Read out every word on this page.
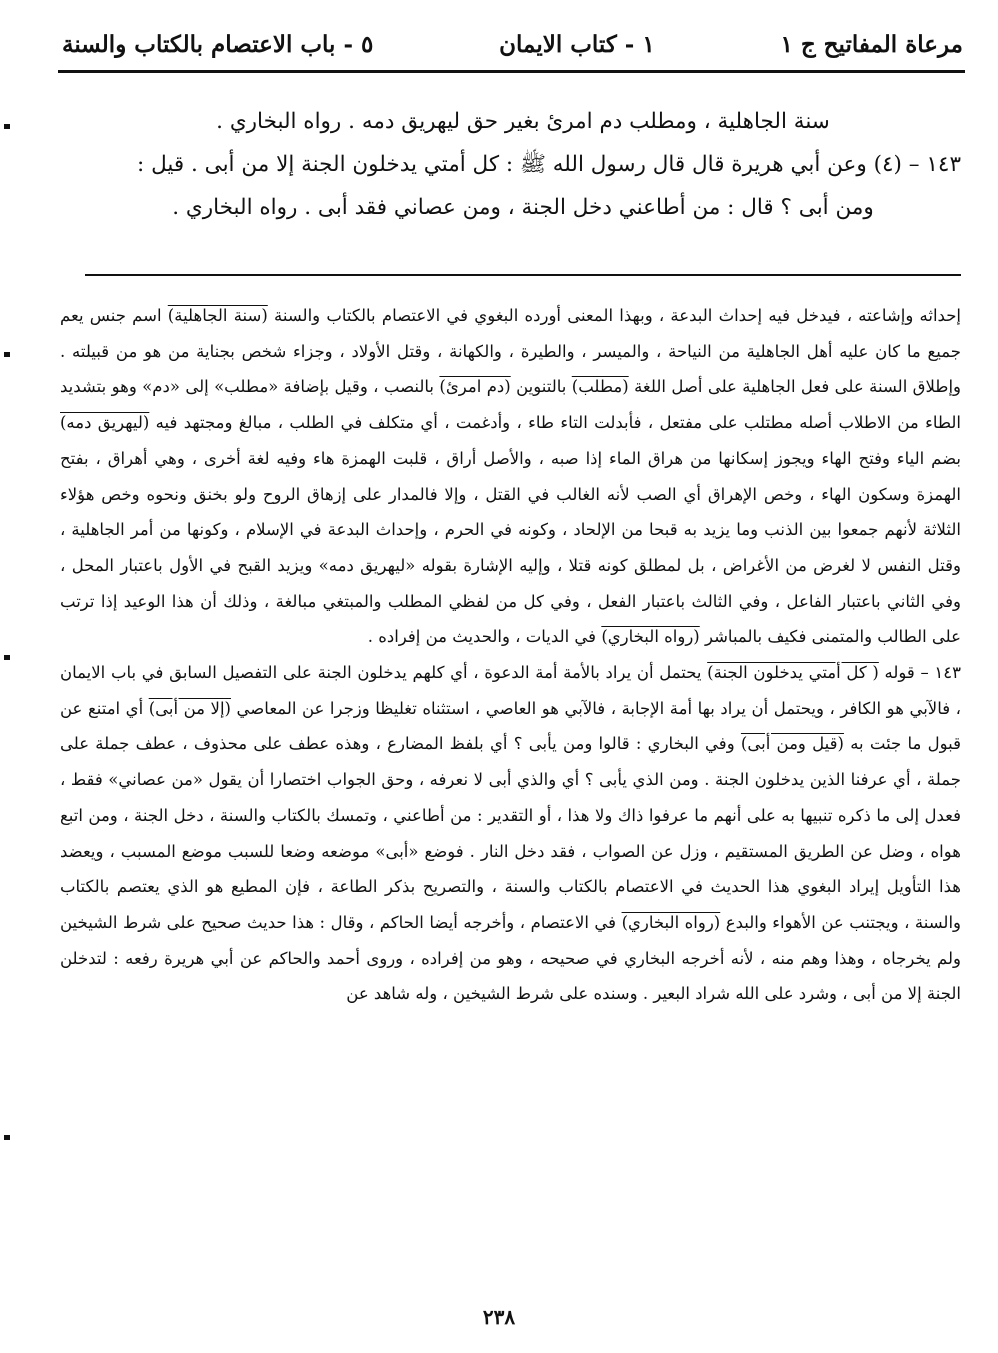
مرعاة المفاتيح ج ١
١ - كتاب الايمان
٥ - باب الاعتصام بالكتاب والسنة

سنة الجاهلية ، ومطلب دم امرئ بغير حق ليهريق دمه . رواه البخاري .

١٤٣ – (٤) وعن أبي هريرة قال قال رسول الله ﷺ : كل أمتي يدخلون الجنة إلا من أبى . قيل :

ومن أبى ؟ قال : من أطاعني دخل الجنة ، ومن عصاني فقد أبى . رواه البخاري .

إحداثه وإشاعته ، فيدخل فيه إحداث البدعة ، وبهذا المعنى أورده البغوي في الاعتصام بالكتاب والسنة (سنة الجاهلية) اسم جنس يعم جميع ما كان عليه أهل الجاهلية من النياحة ، والميسر ، والطيرة ، والكهانة ، وقتل الأولاد ، وجزاء شخص بجناية من هو من قبيلته . وإطلاق السنة على فعل الجاهلية على أصل اللغة (مطلب) بالتنوين (دم امرئ) بالنصب ، وقيل بإضافة «مطلب» إلى «دم» وهو بتشديد الطاء من الاطلاب أصله مطتلب على مفتعل ، فأبدلت التاء طاء ، وأدغمت ، أي متكلف في الطلب ، مبالغ ومجتهد فيه (ليهريق دمه) بضم الياء وفتح الهاء ويجوز إسكانها من هراق الماء إذا صبه ، والأصل أراق ، قلبت الهمزة هاء وفيه لغة أخرى ، وهي أهراق ، بفتح الهمزة وسكون الهاء ، وخص الإهراق أي الصب لأنه الغالب في القتل ، وإلا فالمدار على إزهاق الروح ولو بخنق ونحوه وخص هؤلاء الثلاثة لأنهم جمعوا بين الذنب وما يزيد به قبحا من الإلحاد ، وكونه في الحرم ، وإحداث البدعة في الإسلام ، وكونها من أمر الجاهلية ، وقتل النفس لا لغرض من الأغراض ، بل لمطلق كونه قتلا ، وإليه الإشارة بقوله «ليهريق دمه» ويزيد القبح في الأول باعتبار المحل ، وفي الثاني باعتبار الفاعل ، وفي الثالث باعتبار الفعل ، وفي كل من لفظي المطلب والمبتغي مبالغة ، وذلك أن هذا الوعيد إذا ترتب على الطالب والمتمنى فكيف بالمباشر (رواه البخاري) في الديات ، والحديث من إفراده .

١٤٣ – قوله ( كل أمتي يدخلون الجنة) يحتمل أن يراد بالأمة أمة الدعوة ، أي كلهم يدخلون الجنة على التفصيل السابق في باب الايمان ، فالآبي هو الكافر ، ويحتمل أن يراد بها أمة الإجابة ، فالآبي هو العاصي ، استثناه تغليظا وزجرا عن المعاصي (إلا من أبى) أي امتنع عن قبول ما جئت به (قيل ومن أبى) وفي البخاري : قالوا ومن يأبى ؟ أي بلفظ المضارع ، وهذه عطف على محذوف ، عطف جملة على جملة ، أي عرفنا الذين يدخلون الجنة . ومن الذي يأبى ؟ أي والذي أبى لا نعرفه ، وحق الجواب اختصارا أن يقول «من عصاني» فقط ، فعدل إلى ما ذكره تنبيها به على أنهم ما عرفوا ذاك ولا هذا ، أو التقدير : من أطاعني ، وتمسك بالكتاب والسنة ، دخل الجنة ، ومن اتبع هواه ، وضل عن الطريق المستقيم ، وزل عن الصواب ، فقد دخل النار . فوضع «أبى» موضعه وضعا للسبب موضع المسبب ، ويعضد هذا التأويل إيراد البغوي هذا الحديث في الاعتصام بالكتاب والسنة ، والتصريح بذكر الطاعة ، فإن المطيع هو الذي يعتصم بالكتاب والسنة ، ويجتنب عن الأهواء والبدع (رواه البخاري) في الاعتصام ، وأخرجه أيضا الحاكم ، وقال : هذا حديث صحيح على شرط الشيخين ولم يخرجاه ، وهذا وهم منه ، لأنه أخرجه البخاري في صحيحه ، وهو من إفراده ، وروى أحمد والحاكم عن أبي هريرة رفعه : لتدخلن الجنة إلا من أبى ، وشرد على الله شراد البعير . وسنده على شرط الشيخين ، وله شاهد عن

٢٣٨
